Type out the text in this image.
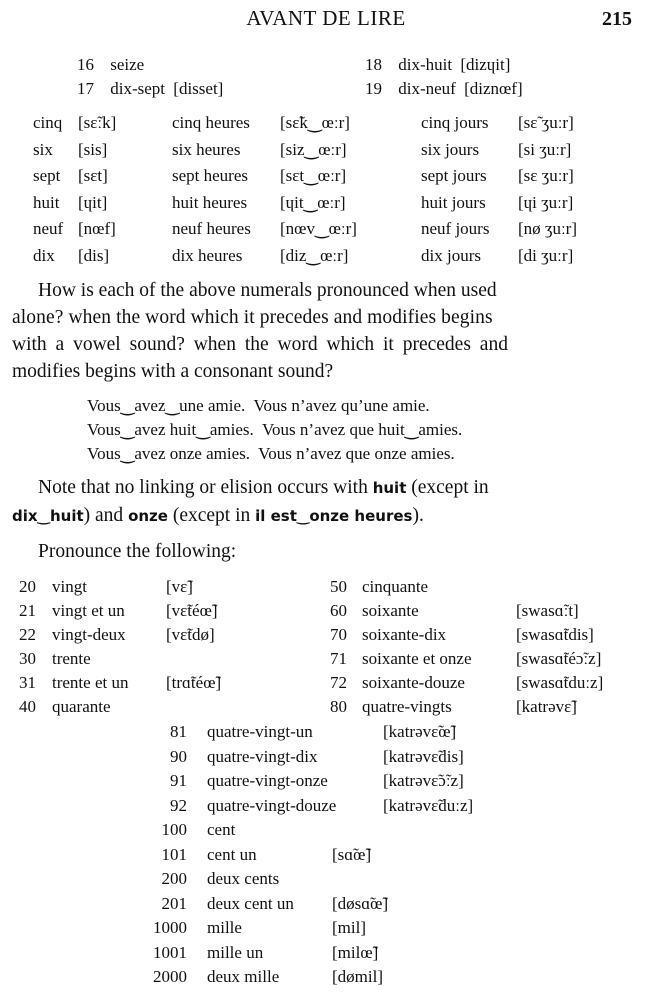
AVANT DE LIRE	215
16 seize
17 dix-sept [disset]
18 dix-huit [dizɥit]
19 dix-neuf [diznœf]
cinq [sɛ̃ːk]	cinq heures [sɛ̃k‿œːr]	cinq jours [sɛ̃ ʒuːr]
six [sis]	six heures [siz‿œːr]	six jours [si ʒuːr]
sept [sɛt]	sept heures [sɛt‿œːr]	sept jours [sɛ ʒuːr]
huit [ɥit]	huit heures [ɥit‿œːr]	huit jours [ɥi ʒuːr]
neuf [nœf]	neuf heures [nœv‿œːr]	neuf jours [nø ʒuːr]
dix [dis]	dix heures [diz‿œːr]	dix jours [di ʒuːr]
How is each of the above numerals pronounced when used
alone? when the word which it precedes and modifies begins
with a vowel sound? when the word which it precedes and
modifies begins with a consonant sound?
Vous‿avez‿une amie.  Vous n’avez qu’une amie.
Vous‿avez huit‿amies.  Vous n’avez que huit‿amies.
Vous‿avez onze amies.  Vous n’avez que onze amies.
Note that no linking or elision occurs with huit (except in
dix‿huit) and onze (except in il est‿onze heures).
Pronounce the following:
20 vingt	[vɛ̃]
21 vingt et un [vɛ̃téœ̃]
22 vingt-deux [vɛ̃tdø]
30 trente
31 trente et un [trɑ̃téœ̃]
40 quarante
50 cinquante
60 soixante	[swasɑ̃ːt]
70 soixante-dix	[swasɑ̃tdis]
71 soixante et onze	[swasɑ̃téɔ̃ːz]
72 soixante-douze	[swasɑ̃tduːz]
80 quatre-vingts	[katrəvɛ̃]
81 quatre-vingt-un	[katrəvɛ̃œ̃]
90 quatre-vingt-dix	[katrəvɛ̃dis]
91 quatre-vingt-onze	[katrəvɛ̃ɔ̃ːz]
92 quatre-vingt-douze	[katrəvɛ̃duːz]
100 cent
101 cent un	[sɑ̃œ̃]
200 deux cents
201 deux cent un [døsɑ̃œ̃]
1000 mille	[mil]
1001 mille un	[milœ̃]
2000 deux mille	[dømil]
